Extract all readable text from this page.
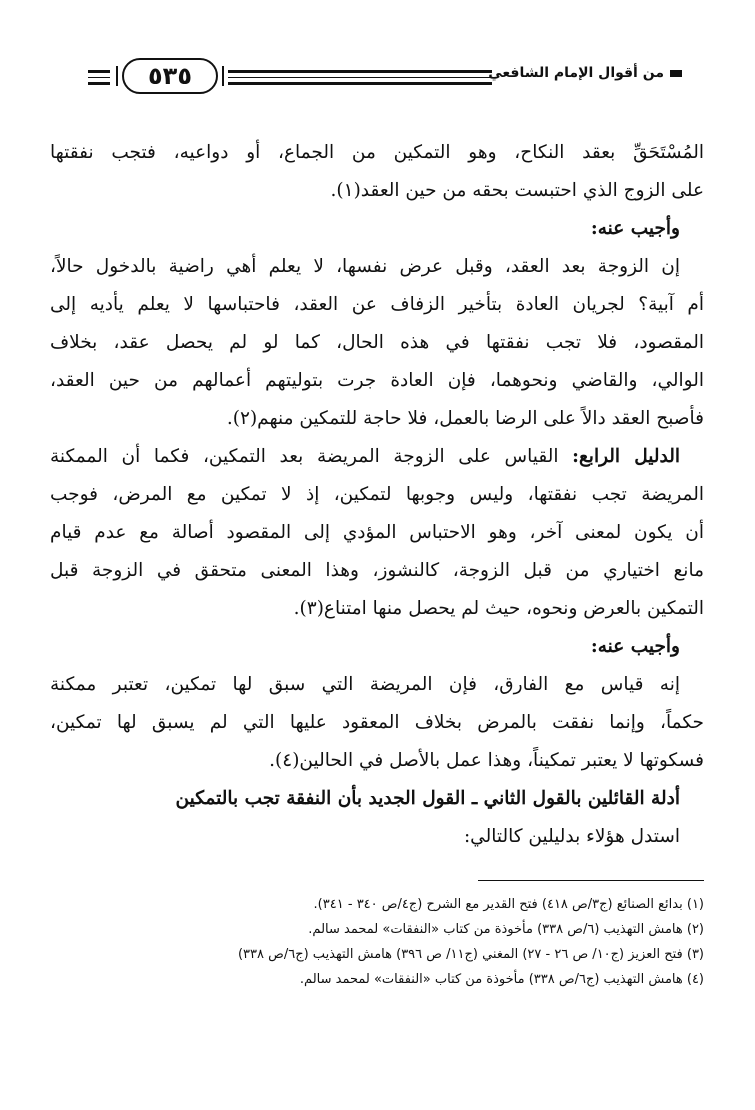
من أقوال الإمام الشافعي
٥٣٥
المُسْتَحَقِّ بعقد النكاح، وهو التمكين من الجماع، أو دواعيه، فتجب نفقتها
على الزوج الذي احتبست بحقه من حين العقد(١).
وأجيب عنه:
إن الزوجة بعد العقد، وقبل عرض نفسها، لا يعلم أهي راضية بالدخول حالاً،
أم آبية؟ لجريان العادة بتأخير الزفاف عن العقد، فاحتباسها لا يعلم يأديه إلى
المقصود، فلا تجب نفقتها في هذه الحال، كما لو لم يحصل عقد، بخلاف
الوالي، والقاضي ونحوهما، فإن العادة جرت بتوليتهم أعمالهم من حين العقد،
فأصبح العقد دالاً على الرضا بالعمل، فلا حاجة للتمكين منهم(٢).
الدليل الرابع: القياس على الزوجة المريضة بعد التمكين، فكما أن الممكنة
المريضة تجب نفقتها، وليس وجوبها لتمكين، إذ لا تمكين مع المرض، فوجب
أن يكون لمعنى آخر، وهو الاحتباس المؤدي إلى المقصود أصالة مع عدم قيام
مانع اختياري من قبل الزوجة، كالنشوز، وهذا المعنى متحقق في الزوجة قبل
التمكين بالعرض ونحوه، حيث لم يحصل منها امتناع(٣).
وأجيب عنه:
إنه قياس مع الفارق، فإن المريضة التي سبق لها تمكين، تعتبر ممكنة
حكماً، وإنما نفقت بالمرض بخلاف المعقود عليها التي لم يسبق لها تمكين،
فسكوتها لا يعتبر تمكيناً، وهذا عمل بالأصل في الحالين(٤).
أدلة القائلين بالقول الثاني ـ القول الجديد بأن النفقة تجب بالتمكين
استدل هؤلاء بدليلين كالتالي:
(١) بدائع الصنائع (ج٣/ص ٤١٨) فتح القدير مع الشرح (ج٤/ص ٣٤٠ - ٣٤١).
(٢) هامش التهذيب (٦/ص ٣٣٨) مأخوذة من كتاب «النفقات» لمحمد سالم.
(٣) فتح العزيز (ج١٠/ ص ٢٦ - ٢٧) المغني (ج١١/ ص ٣٩٦) هامش التهذيب (ج٦/ص ٣٣٨)
(٤) هامش التهذيب (ج٦/ص ٣٣٨) مأخوذة من كتاب «النفقات» لمحمد سالم.
